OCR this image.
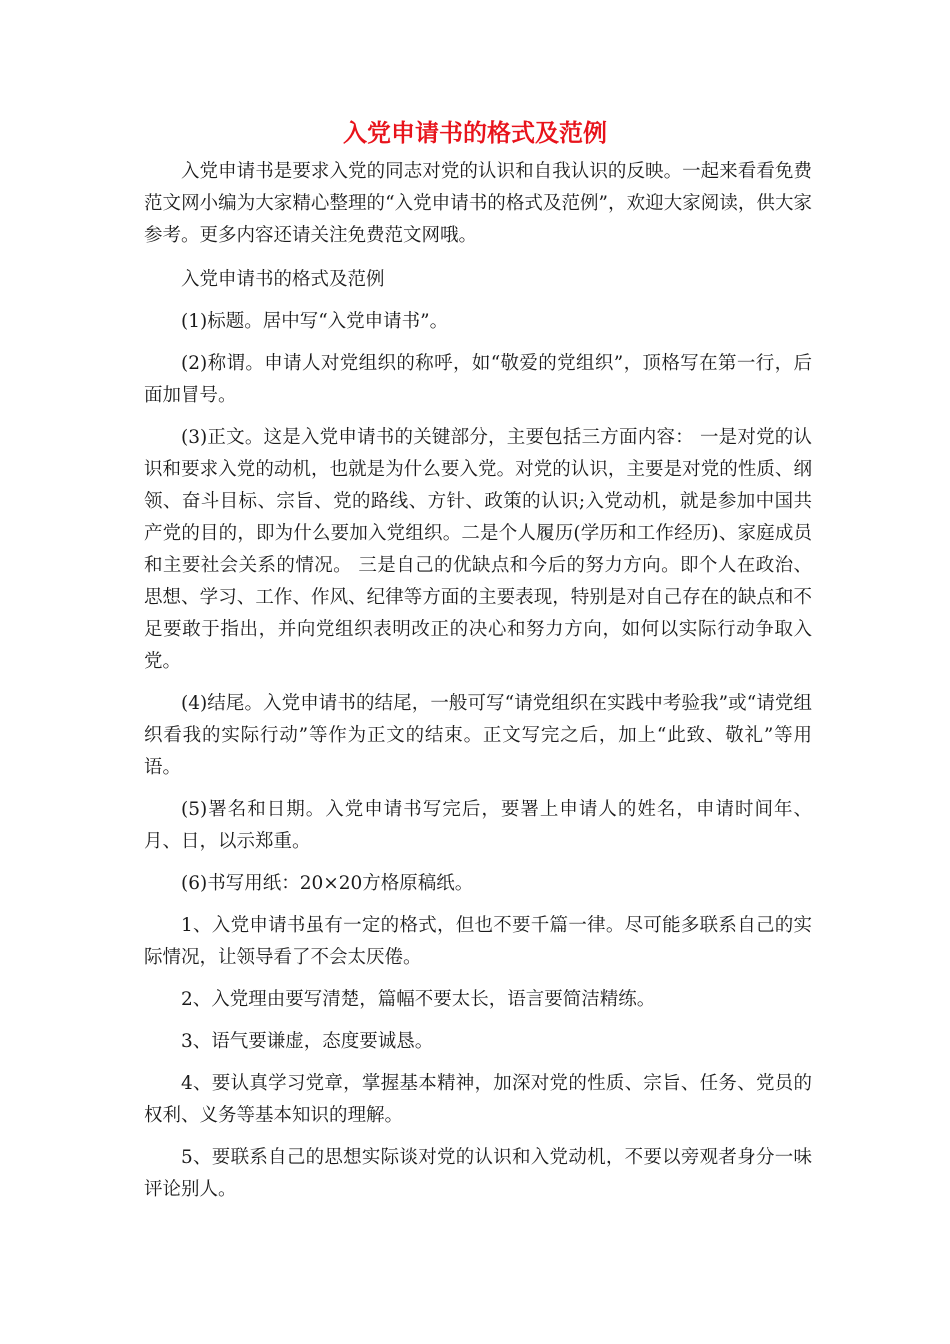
入党申请书的格式及范例

入党申请书是要求入党的同志对党的认识和自我认识的反映。一起来看看免费范文网小编为大家精心整理的“入党申请书的格式及范例”，欢迎大家阅读，供大家参考。更多内容还请关注免费范文网哦。

入党申请书的格式及范例

(1)标题。居中写“入党申请书”。

(2)称谓。申请人对党组织的称呼，如“敬爱的党组织”，顶格写在第一行，后面加冒号。

(3)正文。这是入党申请书的关键部分，主要包括三方面内容： 一是对党的认识和要求入党的动机，也就是为什么要入党。对党的认识，主要是对党的性质、纲领、奋斗目标、宗旨、党的路线、方针、政策的认识;入党动机，就是参加中国共产党的目的，即为什么要加入党组织。二是个人履历(学历和工作经历)、家庭成员和主要社会关系的情况。 三是自己的优缺点和今后的努力方向。即个人在政治、思想、学习、工作、作风、纪律等方面的主要表现，特别是对自己存在的缺点和不足要敢于指出，并向党组织表明改正的决心和努力方向，如何以实际行动争取入党。

(4)结尾。入党申请书的结尾，一般可写“请党组织在实践中考验我”或“请党组织看我的实际行动”等作为正文的结束。正文写完之后，加上“此致、敬礼”等用语。

(5)署名和日期。入党申请书写完后，要署上申请人的姓名，申请时间年、月、日，以示郑重。

(6)书写用纸：20×20方格原稿纸。

1、入党申请书虽有一定的格式，但也不要千篇一律。尽可能多联系自己的实际情况，让领导看了不会太厌倦。

2、入党理由要写清楚，篇幅不要太长，语言要简洁精练。

3、语气要谦虚，态度要诚恳。

4、要认真学习党章，掌握基本精神，加深对党的性质、宗旨、任务、党员的权利、义务等基本知识的理解。

5、要联系自己的思想实际谈对党的认识和入党动机，不要以旁观者身分一味评论别人。
